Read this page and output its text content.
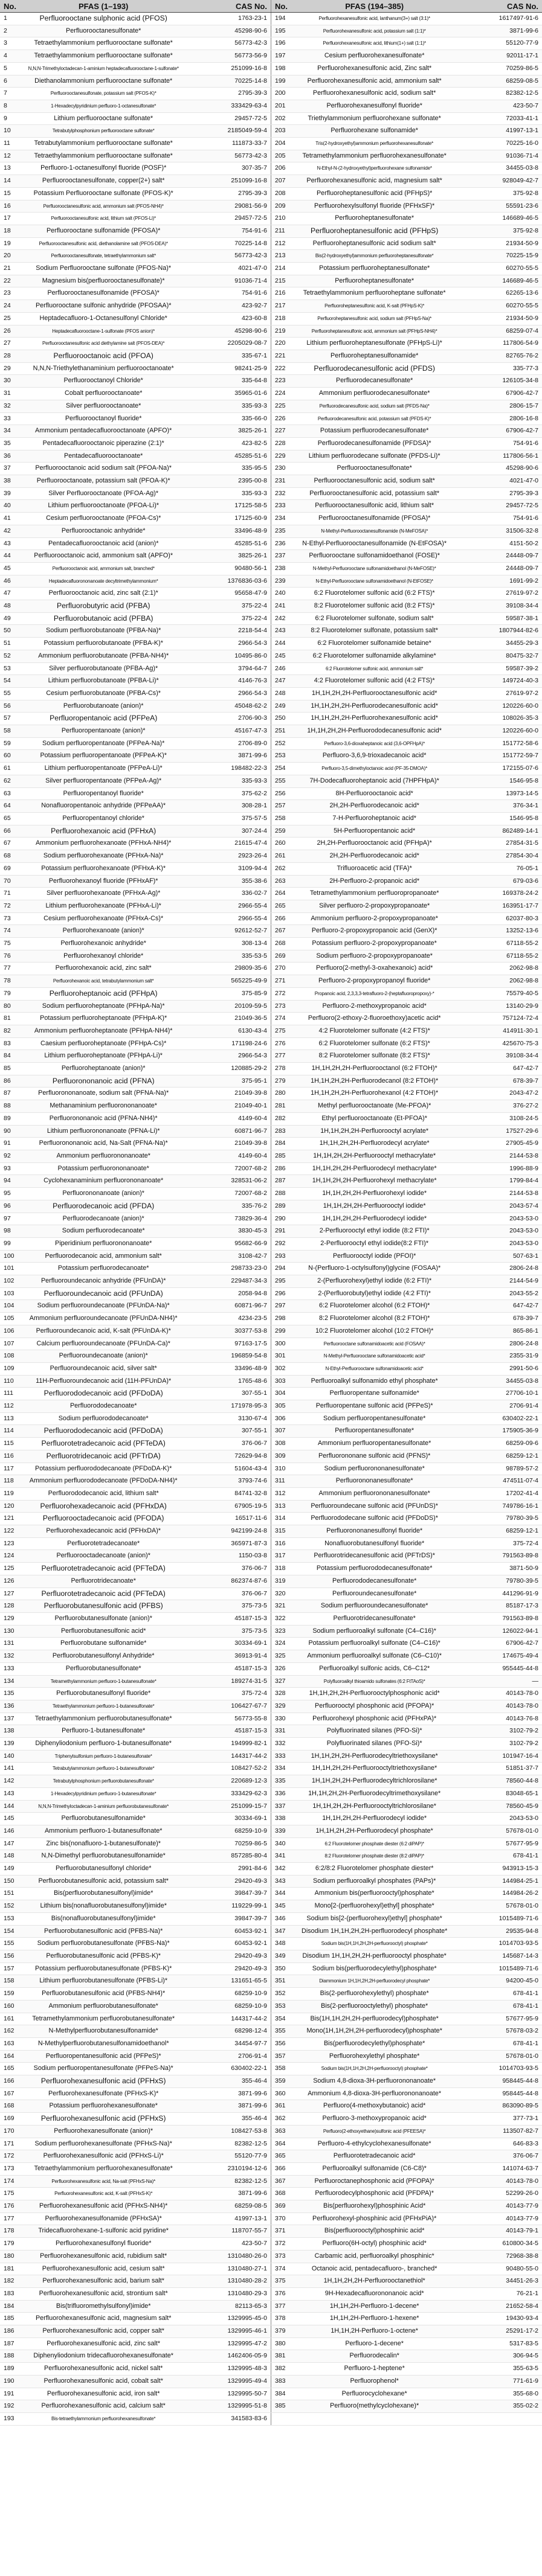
No.	PFAS (1–193)	CAS No.	No.	PFAS (194–385)	CAS No.
1	Perfluorooctane sulphonic acid (PFOS)	1763-23-1	194	Perfluorohexanesulfonic acid, lanthanum(3+) salt (3:1)*	1617497-91-6
2	Perfluorooctanesulfonate*	45298-90-6	195	Perfluorohexanesulfonic acid, potassium salt (1:1)*	3871-99-6
3	Tetraethylammonium perfluorooctane sulfonate*	56773-42-3	196	Perfluorohexanesulfonic acid, lithium(1+) salt (1:1)*	55120-77-9
4	Tetraethylammonium perfluorooctane sulfonate*	56773-56-9	197	Cesium perfluorohexanesulfonate*	92011-17-1
5	N,N,N-Trimethyloctadecan-1-aminium heptadecafluorooctane-1-sulfonate*	251099-16-8	198	Perfluorohexanesulfonic acid, Zinc salt*	70259-86-5
6	Diethanolammonium perfluorooctane sulfonate*	70225-14-8	199	Perfluorohexanesulfonic acid, ammonium salt*	68259-08-5
7	Perfluorooctanesulfonate, potassium salt (PFOS-K)*	2795-39-3	200	Perfluorohexanesulfonic acid, sodium salt*	82382-12-5
8	1-Hexadecylpyridinium perfluoro-1-octanesulfonate*	333429-63-4	201	Perfluorohexanesulfonyl fluoride*	423-50-7
9	Lithium perfluorooctane sulfonate*	29457-72-5	202	Triethylammonium perfluorohexane sulfonate*	72033-41-1
10	Tetrabutylphosphonium perfluorooctane sulfonate*	2185049-59-4	203	Perfluorohexane sulfonamide*	41997-13-1
11	Tetrabutylammonium perfluorooctane sulfonate*	111873-33-7	204	Tris(2-hydroxyethyl)ammonium perfluorohexanesulfonate*	70225-16-0
12	Tetraethylammonium perfluorooctane sulfonate*	56773-42-3	205	Tetramethylammonium perfluorohexanesulfonate*	91036-71-4
13	Perfluoro-1-octanesulfonyl fluoride (POSF)*	307-35-7	206	N-Ethyl-N-(2-hydroxyethyl)perfluorohexane sulfonamide*	34455-03-8
14	Perfluorooctanesulfonate, copper(2+) salt*	251099-16-8	207	Perfluorohexanesulfonic acid, magnesium salt*	928049-42-7
15	Potassium Perfluorooctane sulfonate (PFOS-K)*	2795-39-3	208	Perfluoroheptanesulfonic acid (PFHpS)*	375-92-8
16	Perfluorooctanesulfonic acid, ammonium salt (PFOS-NH4)*	29081-56-9	209	Perfluorohexylsulfonyl fluoride (PFHxSF)*	55591-23-6
17	Perfluorooctanesulfonic acid, lithium salt (PFOS-Li)*	29457-72-5	210	Perfluoroheptanesulfonate*	146689-46-5
18	Perfluorooctane sulfonamide (PFOSA)*	754-91-6	211	Perfluoroheptanesulfonic acid (PFHpS)	375-92-8
19	Perfluorooctanesulfonic acid, diethanolamine salt (PFOS-DEA)*	70225-14-8	212	Perfluoroheptanesulfonic acid sodium salt*	21934-50-9
20	Perfluorooctanesulfonate, tetraethylammonium salt*	56773-42-3	213	Bis(2-hydroxyethyl)ammonium perfluoroheptanesulfonate*	70225-15-9
21	Sodium Perfluorooctane sulfonate (PFOS-Na)*	4021-47-0	214	Potassium perfluoroheptanesulfonate*	60270-55-5
22	Magnesium bis(perfluorooctanesulfonate)*	91036-71-4	215	Perfluoroheptanesulfonate*	146689-46-5
23	Perfluorooctanesulfonamide (PFOSA)*	754-91-6	216	Tetraethylammonium perfluoroheptane sulfonate*	62265-13-6
24	Perfluorooctane sulfonic anhydride (PFOSAA)*	423-92-7	217	Perfluoroheptanesulfonic acid, K-salt (PFHpS-K)*	60270-55-5
25	Heptadecafluoro-1-Octanesulfonyl Chloride*	423-60-8	218	Perfluoroheptanesulfonic acid, sodium salt (PFHpS-Na)*	21934-50-9
26	Heptadecafluorooctane-1-sulfonate (PFOS anion)*	45298-90-6	219	Perfluoroheptanesulfonic acid, ammonium salt (PFHpS-NH4)*	68259-07-4
27	Perfluorooctanesulfonic acid diethylamine salt (PFOS-DEA)*	2205029-08-7	220	Lithium perfluoroheptanesulfonate (PFHpS-Li)*	117806-54-9
28	Perfluorooctanoic acid (PFOA)	335-67-1	221	Perfluoroheptanesulfonamide*	82765-76-2
29	N,N,N-Triethylethanaminium perfluorooctanoate*	98241-25-9	222	Perfluorodecanesulfonic acid (PFDS)	335-77-3
30	Perfluorooctanoyl Chloride*	335-64-8	223	Perfluorodecanesulfonate*	126105-34-8
31	Cobalt perfluorooctanoate*	35965-01-6	224	Ammonium perfluorodecanesulfonate*	67906-42-7
32	Silver perfluorooctanoate*	335-93-3	225	Perfluorodecanesulfonic acid, sodium salt (PFDS-Na)*	2806-15-7
33	Perfluorooctanoyl fluoride*	335-66-0	226	Perfluorodecanesulfonic acid, potassium salt (PFDS-K)*	2806-16-8
34	Ammonium pentadecafluorooctanoate (APFO)*	3825-26-1	227	Potassium perfluorodecanesulfonate*	67906-42-7
35	Pentadecafluorooctanoic piperazine (2:1)*	423-82-5	228	Perfluorodecanesulfonamide (PFDSA)*	754-91-6
36	Pentadecafluorooctanoate*	45285-51-6	229	Lithium perfluorodecane sulfonate (PFDS-Li)*	117806-56-1
37	Perfluorooctanoic acid sodium salt (PFOA-Na)*	335-95-5	230	Perfluorooctanesulfonate*	45298-90-6
38	Perfluorooctanoate, potassium salt (PFOA-K)*	2395-00-8	231	Perfluorooctanesulfonic acid, sodium salt*	4021-47-0
39	Silver Perfluorooctanoate (PFOA-Ag)*	335-93-3	232	Perfluorooctanesulfonic acid, potassium salt*	2795-39-3
40	Lithium perfluorooctanoate (PFOA-Li)*	17125-58-5	233	Perfluorooctanesulfonic acid, lithium salt*	29457-72-5
41	Cesium perfluorooctanoate (PFOA-Cs)*	17125-60-9	234	Perfluorooctanesulfonamide (PFOSA)*	754-91-6
42	Perfluorooctanoic anhydride*	33496-48-9	235	N-Methyl-Perfluorooctanesulfonamide (N-MeFOSA)*	31506-32-8
43	Pentadecafluorooctanoic acid (anion)*	45285-51-6	236	N-Ethyl-Perfluorooctanesulfonamide (N-EtFOSA)*	4151-50-2
44	Perfluorooctanoic acid, ammonium salt (APFO)*	3825-26-1	237	Perfluorooctane sulfonamidoethanol (FOSE)*	24448-09-7
45	Perfluorooctanoic acid, ammonium salt, branched*	90480-56-1	238	N-Methyl-Perfluorooctane sulfonamidoethanol (N-MeFOSE)*	24448-09-7
46	Heptadecafluorononanoate decyltrimethylammonium*	1376836-03-6	239	N-Ethyl-Perfluorooctane sulfonamidoethanol (N-EtFOSE)*	1691-99-2
47	Perfluorooctanoic acid, zinc salt (2:1)*	95658-47-9	240	6:2 Fluorotelomer sulfonic acid (6:2 FTS)*	27619-97-2
48	Perfluorobutyric acid (PFBA)	375-22-4	241	8:2 Fluorotelomer sulfonic acid (8:2 FTS)*	39108-34-4
49	Perfluorobutanoic acid (PFBA)	375-22-4	242	6:2 Fluorotelomer sulfonate, sodium salt*	59587-38-1
50	Sodium perfluorobutanoate (PFBA-Na)*	2218-54-4	243	8:2 Fluorotelomer sulfonate, potassium salt*	1807944-82-6
51	Potassium perfluorobutanoate (PFBA-K)*	2966-54-3	244	6:2 Fluorotelomer sulfonamide betaine*	34455-29-3
52	Ammonium perfluorobutanoate (PFBA-NH4)*	10495-86-0	245	6:2 Fluorotelomer sulfonamide alkylamine*	80475-32-7
53	Silver perfluorobutanoate (PFBA-Ag)*	3794-64-7	246	6:2 Fluorotelomer sulfonic acid, ammonium salt*	59587-39-2
54	Lithium perfluorobutanoate (PFBA-Li)*	4146-76-3	247	4:2 Fluorotelomer sulfonic acid (4:2 FTS)*	149724-40-3
55	Cesium perfluorobutanoate (PFBA-Cs)*	2966-54-3	248	1H,1H,2H,2H-Perfluorooctanesulfonic acid*	27619-97-2
56	Perfluorobutanoate (anion)*	45048-62-2	249	1H,1H,2H,2H-Perfluorodecanesulfonic acid*	120226-60-0
57	Perfluoropentanoic acid (PFPeA)	2706-90-3	250	1H,1H,2H,2H-Perfluorohexanesulfonic acid*	108026-35-3
58	Perfluoropentanoate (anion)*	45167-47-3	251	1H,1H,2H,2H-Perfluorododecanesulfonic acid*	120226-60-0
59	Sodium perfluoropentanoate (PFPeA-Na)*	2706-89-0	252	Perfluoro-3,6-dioxaheptanoic acid (3,6-OPFHpA)*	151772-58-6
60	Potassium perfluoropentanoate (PFPeA-K)*	3871-99-6	253	Perfluoro-3,6,9-trioxadecanoic acid*	151772-59-7
61	Lithium perfluoropentanoate (PFPeA-Li)*	198482-22-3	254	Perfluoro-3,5-dimethyloctanoic acid (PF-35-DMOA)*	172155-07-6
62	Silver perfluoropentanoate (PFPeA-Ag)*	335-93-3	255	7H-Dodecafluoroheptanoic acid (7HPFHpA)*	1546-95-8
63	Perfluoropentanoyl fluoride*	375-62-2	256	8H-Perfluorooctanoic acid*	13973-14-5
64	Nonafluoropentanoic anhydride (PFPeAA)*	308-28-1	257	2H,2H-Perfluorodecanoic acid*	376-34-1
65	Perfluoropentanoyl chloride*	375-57-5	258	7-H-Perfluoroheptanoic acid*	1546-95-8
66	Perfluorohexanoic acid (PFHxA)	307-24-4	259	5H-Perfluoropentanoic acid*	862489-14-1
67	Ammonium perfluorohexanoate (PFHxA-NH4)*	21615-47-4	260	2H,2H-Perfluorooctanoic acid (PFHpA)*	27854-31-5
68	Sodium perfluorohexanoate (PFHxA-Na)*	2923-26-4	261	2H,2H-Perfluorodecanoic acid*	27854-30-4
69	Potassium perfluorohexanoate (PFHxA-K)*	3109-94-4	262	Trifluoroacetic acid (TFA)*	76-05-1
70	Perfluorohexanoyl fluoride (PFHxAF)*	355-38-6	263	2H-Perfluoro-2-propanoic acid*	679-03-6
71	Silver perfluorohexanoate (PFHxA-Ag)*	336-02-7	264	Tetramethylammonium perfluoropropanoate*	169378-24-2
72	Lithium perfluorohexanoate (PFHxA-Li)*	2966-55-4	265	Silver perfluoro-2-propoxypropanoate*	163951-17-7
73	Cesium perfluorohexanoate (PFHxA-Cs)*	2966-55-4	266	Ammonium perfluoro-2-propoxypropanoate*	62037-80-3
74	Perfluorohexanoate (anion)*	92612-52-7	267	Perfluoro-2-propoxypropanoic acid (GenX)*	13252-13-6
75	Perfluorohexanoic anhydride*	308-13-4	268	Potassium perfluoro-2-propoxypropanoate*	67118-55-2
76	Perfluorohexanoyl chloride*	335-53-5	269	Sodium perfluoro-2-propoxypropanoate*	67118-55-2
77	Perfluorohexanoic acid, zinc salt*	29809-35-6	270	Perfluoro(2-methyl-3-oxahexanoic) acid*	2062-98-8
78	Perfluorohexanoic acid, tetrabutylammonium salt*	565225-49-9	271	Perfluoro-2-propoxypropanoyl fluoride*	2062-98-8
79	Perfluoroheptanoic acid (PFHpA)	375-85-9	272	Propanoic acid, 2,3,3,3-tetrafluoro-2-(heptafluoropropoxy)-*	75579-40-5
80	Sodium perfluoroheptanoate (PFHpA-Na)*	20109-59-5	273	Perfluoro-2-methoxypropanoic acid*	13140-29-9
81	Potassium perfluoroheptanoate (PFHpA-K)*	21049-36-5	274	Perfluoro(2-ethoxy-2-fluoroethoxy)acetic acid*	757124-72-4
82	Ammonium perfluoroheptanoate (PFHpA-NH4)*	6130-43-4	275	4:2 Fluorotelomer sulfonate (4:2 FTS)*	414911-30-1
83	Caesium perfluoroheptanoate (PFHpA-Cs)*	171198-24-6	276	6:2 Fluorotelomer sulfonate (6:2 FTS)*	425670-75-3
84	Lithium perfluoroheptanoate (PFHpA-Li)*	2966-54-3	277	8:2 Fluorotelomer sulfonate (8:2 FTS)*	39108-34-4
85	Perfluoroheptanoate (anion)*	120885-29-2	278	1H,1H,2H,2H-Perfluorooctanol (6:2 FTOH)*	647-42-7
86	Perfluorononanoic acid (PFNA)	375-95-1	279	1H,1H,2H,2H-Perfluorodecanol (8:2 FTOH)*	678-39-7
87	Perfluorononanoate, sodium salt (PFNA-Na)*	21049-39-8	280	1H,1H,2H,2H-Perfluorohexanol (4:2 FTOH)*	2043-47-2
88	Methanaminium perfluorononanoate*	21049-40-1	281	Methyl perfluorooctanoate (Me-PFOA)*	376-27-2
89	Perfluorononanoic acid (PFNA-NH4)*	4149-60-4	282	Ethyl perfluorooctanoate (Et-PFOA)*	3108-24-5
90	Lithium perfluorononanoate (PFNA-Li)*	60871-96-7	283	1H,1H,2H,2H-Perfluorooctyl acrylate*	17527-29-6
91	Perfluorononanoic acid, Na-Salt (PFNA-Na)*	21049-39-8	284	1H,1H,2H,2H-Perfluorodecyl acrylate*	27905-45-9
92	Ammonium perfluorononanoate*	4149-60-4	285	1H,1H,2H,2H-Perfluorooctyl methacrylate*	2144-53-8
93	Potassium perfluorononanoate*	72007-68-2	286	1H,1H,2H,2H-Perfluorodecyl methacrylate*	1996-88-9
94	Cyclohexanaminium perfluorononanoate*	328531-06-2	287	1H,1H,2H,2H-Perfluorohexyl methacrylate*	1799-84-4
95	Perfluorononanoate (anion)*	72007-68-2	288	1H,1H,2H,2H-Perfluorohexyl iodide*	2144-53-8
96	Perfluorodecanoic acid (PFDA)	335-76-2	289	1H,1H,2H,2H-Perfluorooctyl iodide*	2043-57-4
97	Perfluorodecanoate (anion)*	73829-36-4	290	1H,1H,2H,2H-Perfluorodecyl iodide*	2043-53-0
98	Sodium perfluorodecanoate*	3830-45-3	291	2-Perfluorooctyl ethyl iodide (8:2 FTI)*	2043-53-0
99	Piperidinium perfluorononanoate*	95682-66-9	292	2-Perfluorooctyl ethyl iodide(8:2 FTI)*	2043-53-0
100	Perfluorodecanoic acid, ammonium salt*	3108-42-7	293	Perfluorooctyl iodide (PFOI)*	507-63-1
101	Potassium perfluorodecanoate*	298733-23-0	294	N-(Perfluoro-1-octylsulfonyl)glycine (FOSAA)*	2806-24-8
102	Perfluoroundecanoic anhydride (PFUnDA)*	229487-34-3	295	2-(Perfluorohexyl)ethyl iodide (6:2 FTI)*	2144-54-9
103	Perfluoroundecanoic acid (PFUnDA)	2058-94-8	296	2-(Perfluorobutyl)ethyl iodide (4:2 FTI)*	2043-55-2
104	Sodium perfluoroundecanoate (PFUnDA-Na)*	60871-96-7	297	6:2 Fluorotelomer alcohol (6:2 FTOH)*	647-42-7
105	Ammonium perfluoroundecanoate (PFUnDA-NH4)*	4234-23-5	298	8:2 Fluorotelomer alcohol (8:2 FTOH)*	678-39-7
106	Perfluoroundecanoic acid, K-salt (PFUnDA-K)*	30377-53-8	299	10:2 Fluorotelomer alcohol (10:2 FTOH)*	865-86-1
107	Calcium perfluoroundecanoate (PFUnDA-Ca)*	97163-17-5	300	Perfluorooctane sulfonamidoacetic acid (FOSAA)*	2806-24-8
108	Perfluoroundecanoate (anion)*	196859-54-8	301	N-Methyl-Perfluorooctane sulfonamidoacetic acid*	2355-31-9
109	Perfluoroundecanoic acid, silver salt*	33496-48-9	302	N-Ethyl-Perfluorooctane sulfonamidoacetic acid*	2991-50-6
110	11H-Perfluoroundecanoic acid (11H-PFUnDA)*	1765-48-6	303	Perfluoroalkyl sulfonamido ethyl phosphate*	34455-03-8
111	Perfluorododecanoic acid (PFDoDA)	307-55-1	304	Perfluoropentane sulfonamide*	27706-10-1
112	Perfluorododecanoate*	171978-95-3	305	Perfluoropentane sulfonic acid (PFPeS)*	2706-91-4
113	Sodium perfluorododecanoate*	3130-67-4	306	Sodium perfluoropentanesulfonate*	630402-22-1
114	Perfluorododecanoic acid (PFDoDA)	307-55-1	307	Perfluoropentanesulfonate*	175905-36-9
115	Perfluorotetradecanoic acid (PFTeDA)	376-06-7	308	Ammonium perfluoropentanesulfonate*	68259-09-6
116	Perfluorotridecanoic acid (PFTrDA)	72629-94-8	309	Perfluorononane sulfonic acid (PFNS)*	68259-12-1
117	Potassium perfluorododecanoate (PFDoDA-K)*	51604-43-4	310	Sodium perfluorononanesulfonate*	98789-57-2
118	Ammonium perfluorododecanoate (PFDoDA-NH4)*	3793-74-6	311	Perfluorononanesulfonate*	474511-07-4
119	Perfluorododecanoic acid, lithium salt*	84741-32-8	312	Ammonium perfluorononanesulfonate*	17202-41-4
120	Perfluorohexadecanoic acid (PFHxDA)	67905-19-5	313	Perfluoroundecane sulfonic acid (PFUnDS)*	749786-16-1
121	Perfluorooctadecanoic acid (PFODA)	16517-11-6	314	Perfluorododecane sulfonic acid (PFDoDS)*	79780-39-5
122	Perfluorohexadecanoic acid (PFHxDA)*	942199-24-8	315	Perfluorononanesulfonyl fluoride*	68259-12-1
123	Perfluorotetradecanoate*	365971-87-3	316	Nonafluorobutanesulfonyl fluoride*	375-72-4
124	Perfluorooctadecanoate (anion)*	1150-03-8	317	Perfluorotridecanesulfonic acid (PFTrDS)*	791563-89-8
125	Perfluorotetradecanoic acid (PFTeDA)	376-06-7	318	Potassium perfluorododecanesulfonate*	3871-50-9
126	Perfluorotridecanoate*	862374-87-6	319	Perfluorododecanesulfonate*	79780-39-5
127	Perfluorotetradecanoic acid (PFTeDA)	376-06-7	320	Perfluoroundecanesulfonate*	441296-91-9
128	Perfluorobutanesulfonic acid (PFBS)	375-73-5	321	Sodium perfluoroundecanesulfonate*	85187-17-3
129	Perfluorobutanesulfonate (anion)*	45187-15-3	322	Perfluorotridecanesulfonate*	791563-89-8
130	Perfluorobutanesulfonic acid*	375-73-5	323	Sodium perfluoroalkyl sulfonate (C4–C16)*	126022-94-1
131	Perfluorobutane sulfonamide*	30334-69-1	324	Potassium perfluoroalkyl sulfonate (C4–C16)*	67906-42-7
132	Perfluorobutanesulfonyl Anhydride*	36913-91-4	325	Ammonium perfluoroalkyl sulfonate (C6–C10)*	174675-49-4
133	Perfluorobutanesulfonate*	45187-15-3	326	Perfluoroalkyl sulfonic acids, C6–C12*	955445-44-8
134	Tetramethylammonium perfluoro-1-butanesulfonate*	189274-31-5	327	Polyfluoroalkyl thioamido sulfonates (6:2 FtTAoS)*	—
135	Perfluorobutanesulfonyl fluoride*	375-72-4	328	1H,1H,2H,2H-Perfluorooctylphosphonic acid*	40143-78-0
136	Tetraethylammonium perfluoro-1-butanesulfonate*	106427-67-7	329	Perfluorooctyl phosphonic acid (PFOPA)*	40143-78-0
137	Tetraethylammonium perfluorobutanesulfonate*	56773-55-8	330	Perfluorohexyl phosphonic acid (PFHxPA)*	40143-76-8
138	Perfluoro-1-butanesulfonate*	45187-15-3	331	Polyfluorinated silanes (PFO-Si)*	3102-79-2
139	Diphenyliodonium perfluoro-1-butanesulfonate*	194999-82-1	332	Polyfluorinated silanes (PFO-Si)*	3102-79-2
140	Triphenylsulfonium perfluoro-1-butanesulfonate*	144317-44-2	333	1H,1H,2H,2H-Perfluorodecyltriethoxysilane*	101947-16-4
141	Tetrabutylammonium perfluoro-1-butanesulfonate*	108427-52-2	334	1H,1H,2H,2H-Perfluorooctyltriethoxysilane*	51851-37-7
142	Tetrabutylphosphonium perfluorobutanesulfonate*	220689-12-3	335	1H,1H,2H,2H-Perfluorodecyltrichlorosilane*	78560-44-8
143	1-Hexadecylpyridinium perfluoro-1-butanesulfonate*	333429-62-3	336	1H,1H,2H,2H-Perfluorodecyltrimethoxysilane*	83048-65-1
144	N,N,N-Trimethyloctadecan-1-aminium perfluorobutanesulfonate*	251099-15-7	337	1H,1H,2H,2H-Perfluorooctyltrichlorosilane*	78560-45-9
145	Perfluorobutanesulfonamide*	30334-69-1	338	1H,1H,2H,2H-Perfluorodecyl iodide*	2043-53-0
146	Ammonium perfluoro-1-butanesulfonate*	68259-10-9	339	1H,1H,2H,2H-Perfluorodecyl phosphate*	57678-01-0
147	Zinc bis(nonafluoro-1-butanesulfonate)*	70259-86-5	340	6:2 Fluorotelomer phosphate diester (6:2 diPAP)*	57677-95-9
148	N,N-Dimethyl perfluorobutanesulfonamide*	857285-80-4	341	8:2 Fluorotelomer phosphate diester (8:2 diPAP)*	678-41-1
149	Perfluorobutanesulfonyl chloride*	2991-84-6	342	6:2/8:2 Fluorotelomer phosphate diester*	943913-15-3
150	Perfluorobutanesulfonic acid, potassium salt*	29420-49-3	343	Sodium perfluoroalkyl phosphates (PAPs)*	144984-25-1
151	Bis(perfluorobutanesulfonyl)imide*	39847-39-7	344	Ammonium bis(perfluorooctyl)phosphate*	144984-26-2
152	Lithium bis(nonafluorobutanesulfonyl)imide*	119229-99-1	345	Mono[2-(perfluorohexyl)ethyl] phosphate*	57678-01-0
153	Bis(nonafluorobutanesulfonyl)imide*	39847-39-7	346	Sodium bis[2-(perfluorohexyl)ethyl] phosphate*	1015489-71-6
154	Perfluorobutanesulfonic acid (PFBS-Na)*	60453-92-1	347	Disodium 1H,1H,2H,2H-perfluorodecyl phosphate*	29535-94-8
155	Sodium perfluorobutanesulfonate (PFBS-Na)*	60453-92-1	348	Sodium bis(1H,1H,2H,2H-perfluorooctyl) phosphate*	1014703-93-5
156	Perfluorobutanesulfonic acid (PFBS-K)*	29420-49-3	349	Disodium 1H,1H,2H,2H-perfluorooctyl phosphate*	145687-14-3
157	Potassium perfluorobutanesulfonate (PFBS-K)*	29420-49-3	350	Sodium bis(perfluorodecylethyl)phosphate*	1015489-71-6
158	Lithium perfluorobutanesulfonate (PFBS-Li)*	131651-65-5	351	Diammonium 1H,1H,2H,2H-perfluorodecyl phosphate*	94200-45-0
159	Perfluorobutanesulfonic acid (PFBS-NH4)*	68259-10-9	352	Bis(2-perfluorohexylethyl) phosphate*	678-41-1
160	Ammonium perfluorobutanesulfonate*	68259-10-9	353	Bis(2-perfluorooctylethyl) phosphate*	678-41-1
161	Tetramethylammonium perfluorobutanesulfonate*	144317-44-2	354	Bis(1H,1H,2H,2H-perfluorodecyl)phosphate*	57677-95-9
162	N-Methylperfluorobutanesulfonamide*	68298-12-4	355	Mono(1H,1H,2H,2H-perfluorodecyl)phosphate*	57678-03-2
163	N-Methylperfluorobutanesulfonamidoethanol*	34454-97-7	356	Bis(perfluorodecylethyl)phosphate*	678-41-1
164	Perfluoropentanesulfonic acid (PFPeS)*	2706-91-4	357	Perfluorohexylethyl phosphate*	57678-01-0
165	Sodium perfluoropentanesulfonate (PFPeS-Na)*	630402-22-1	358	Sodium bis(1H,1H,2H,2H-perfluorooctyl) phosphate*	1014703-93-5
166	Perfluorohexanesulfonic acid (PFHxS)	355-46-4	359	Sodium 4,8-dioxa-3H-perfluorononanoate*	958445-44-8
167	Perfluorohexanesulfonate (PFHxS-K)*	3871-99-6	360	Ammonium 4,8-dioxa-3H-perfluorononanoate*	958445-44-8
168	Potassium perfluorohexanesulfonate*	3871-99-6	361	Perfluoro(4-methoxybutanoic) acid*	863090-89-5
169	Perfluorohexanesulfonic acid (PFHxS)	355-46-4	362	Perfluoro-3-methoxypropanoic acid*	377-73-1
170	Perfluorohexanesulfonate (anion)*	108427-53-8	363	Perfluoro(2-ethoxyethane)sulfonic acid (PFEESA)*	113507-82-7
171	Sodium perfluorohexanesulfonate (PFHxS-Na)*	82382-12-5	364	Perfluoro-4-ethylcyclohexanesulfonate*	646-83-3
172	Perfluorohexanesulfonic acid (PFHxS-Li)*	55120-77-9	365	Perfluorotetradecanoic acid*	376-06-7
173	Tetraethylammonium perfluorohexanesulfonate*	2310194-12-6	366	Perfluoroalkyl sulfonamide (C6-C8)*	141074-63-7
174	Perfluorohexanesulfonic acid, Na-salt (PFHxS-Na)*	82382-12-5	367	Perfluoroctanephosphonic acid (PFOPA)*	40143-78-0
175	Perfluorohexanesulfonic acid, K-salt (PFHxS-K)*	3871-99-6	368	Perfluorodecylphosphonic acid (PFDPA)*	52299-26-0
176	Perfluorohexanesulfonic acid (PFHxS-NH4)*	68259-08-5	369	Bis(perfluorohexyl)phosphinic Acid*	40143-77-9
177	Perfluorohexanesulfonamide (PFHxSA)*	41997-13-1	370	Perfluorohexyl-phosphinic acid (PFHxPiA)*	40143-77-9
178	Tridecafluorohexane-1-sulfonic acid pyridine*	118707-55-7	371	Bis(perfluorooctyl)phosphinic acid*	40143-79-1
179	Perfluorohexanesulfonyl fluoride*	423-50-7	372	Perfluoro(6H-octyl) phosphinic acid*	610800-34-5
180	Perfluorohexanesulfonic acid, rubidium salt*	1310480-26-0	373	Carbamic acid, perfluoroalkyl phosphinic*	72968-38-8
181	Perfluorohexanesulfonic acid, cesium salt*	1310480-27-1	374	Octanoic acid, pentadecafluoro-, branched*	90480-55-0
182	Perfluorohexanesulfonic acid, barium salt*	1310480-28-2	375	1H,1H,2H,2H-Perfluorooctanethiol*	34451-26-3
183	Perfluorohexanesulfonic acid, strontium salt*	1310480-29-3	376	9H-Hexadecafluorononanoic acid*	76-21-1
184	Bis(trifluoromethylsulfonyl)imide*	82113-65-3	377	1H,1H,2H-Perfluoro-1-decene*	21652-58-4
185	Perfluorohexanesulfonic acid, magnesium salt*	1329995-45-0	378	1H,1H,2H-Perfluoro-1-hexene*	19430-93-4
186	Perfluorohexanesulfonic acid, copper salt*	1329995-46-1	379	1H,1H,2H-Perfluoro-1-octene*	25291-17-2
187	Perfluorohexanesulfonic acid, zinc salt*	1329995-47-2	380	Perfluoro-1-decene*	5317-83-5
188	Diphenyliodonium tridecafluorohexanesulfonate*	1462406-05-9	381	Perfluorodecalin*	306-94-5
189	Perfluorohexanesulfonic acid, nickel salt*	1329995-48-3	382	Perfluoro-1-heptene*	355-63-5
190	Perfluorohexanesulfonic acid, cobalt salt*	1329995-49-4	383	Perfluorophenol*	771-61-9
191	Perfluorohexanesulfonic acid, iron salt*	1329995-50-7	384	Perfluorocyclohexane*	355-68-0
192	Perfluorohexanesulfonic acid, calcium salt*	1329995-51-8	385	Perfluoro(methylcyclohexane)*	355-02-2
193	Bis-tetraethylammonium perfluorohexanesulfonate*	341583-83-6			
